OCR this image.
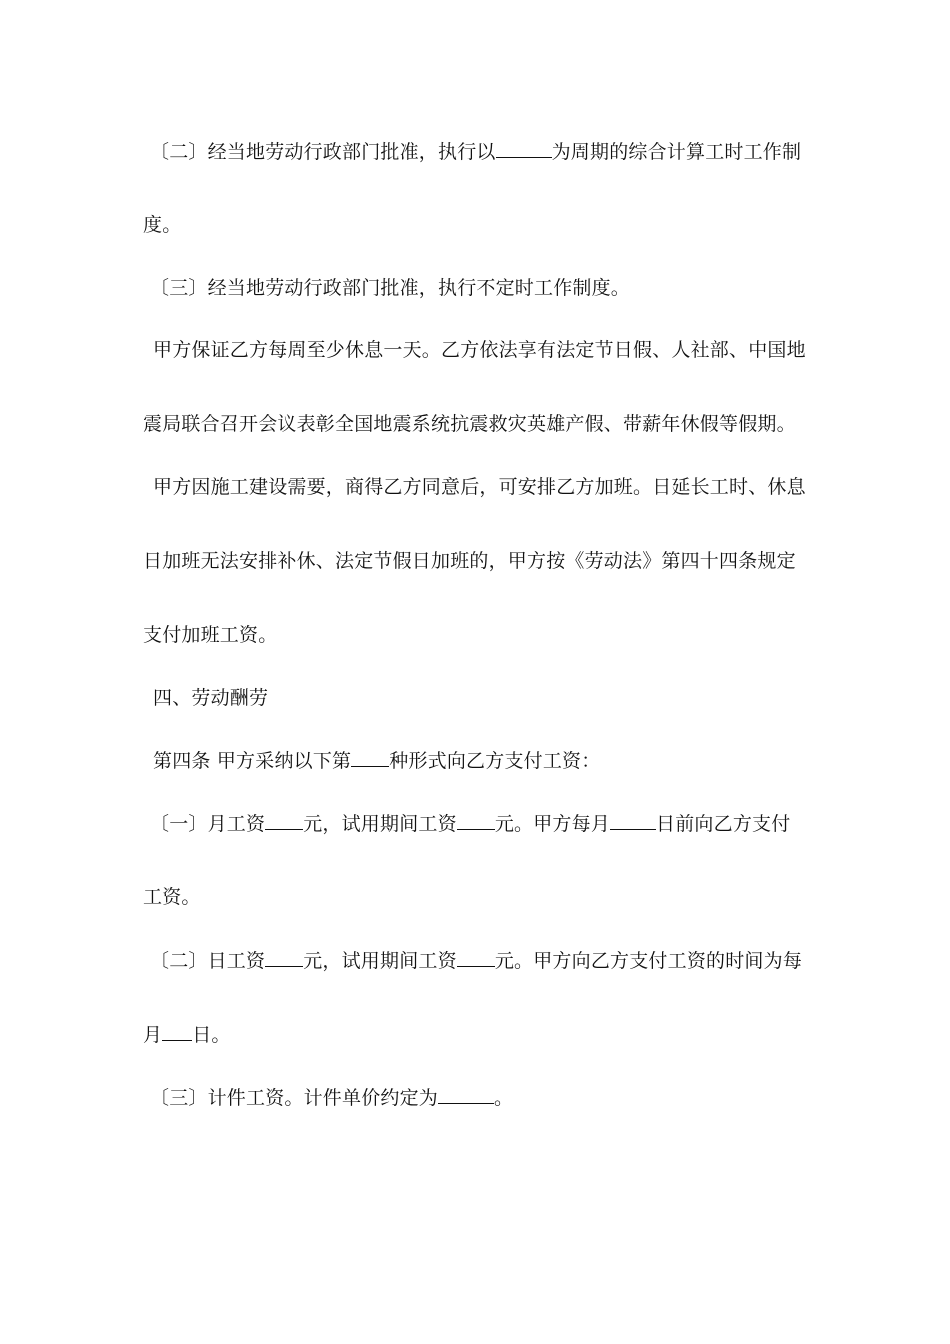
〔二〕经当地劳动行政部门批准，执行以	为周期的综合计算工时工作制
度。
〔三〕经当地劳动行政部门批准，执行不定时工作制度。
甲方保证乙方每周至少休息一天。乙方依法享有法定节日假、人社部、中国地
震局联合召开会议表彰全国地震系统抗震救灾英雄产假、带薪年休假等假期。
甲方因施工建设需要，商得乙方同意后，可安排乙方加班。日延长工时、休息
日加班无法安排补休、法定节假日加班的，甲方按《劳动法》第四十四条规定
支付加班工资。
四、劳动酬劳
第四条 甲方采纳以下第 种形式向乙方支付工资：
〔一〕月工资 元，试用期间工资 元。甲方每月 日前向乙方支付
工资。
〔二〕日工资 元，试用期间工资 元。甲方向乙方支付工资的时间为每
月 日。
〔三〕计件工资。计件单价约定为	。
